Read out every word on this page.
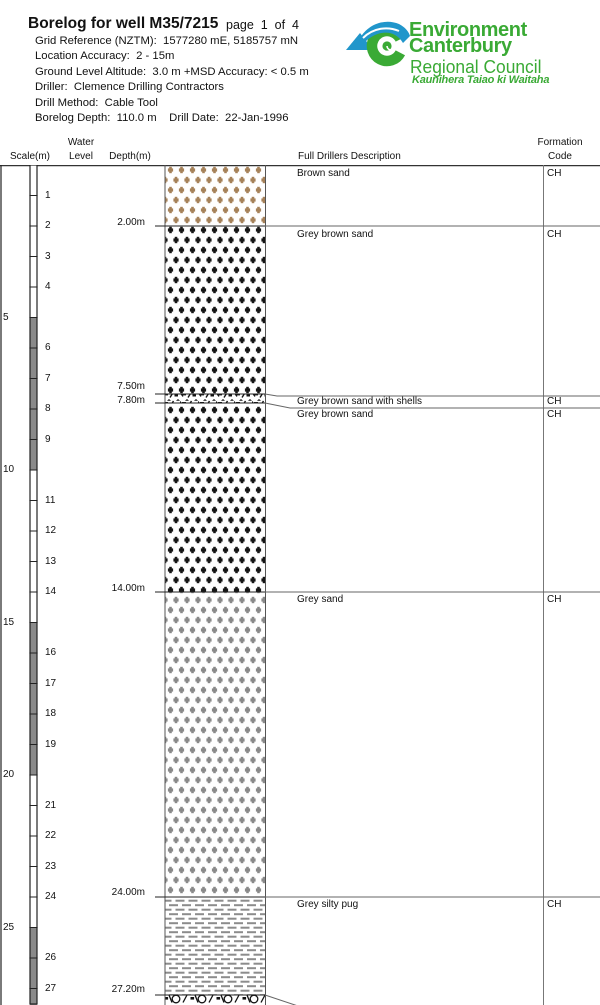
Borelog for well M35/7215 page  1  of  4
Grid Reference (NZTM):  1577280 mE, 5185757 mN
Location Accuracy:  2 - 15m
Ground Level Altitude:  3.0 m +MSD Accuracy: < 0.5 m
Driller:  Clemence Drilling Contractors
Drill Method:  Cable Tool
Borelog Depth:  110.0 m    Drill Date:  22-Jan-1996
Environment
Canterbury
Regional Council
Kaunihera Taiao ki Waitaha
Scale(m)
Water
Level	Depth(m)	Full Drillers Description
Formation
Code
1
2
3
4
6
7
8
9
11
12
13
14
16
17
18
19
21
22
23
24
26
27
5
10
15
20
25
2.00m
7.50m
7.80m
14.00m
24.00m
27.20m
Brown sand
Grey brown sand
Grey brown sand with shells
Grey brown sand
Grey sand
Grey silty pug
CH
CH
CH
CH
CH
CH
